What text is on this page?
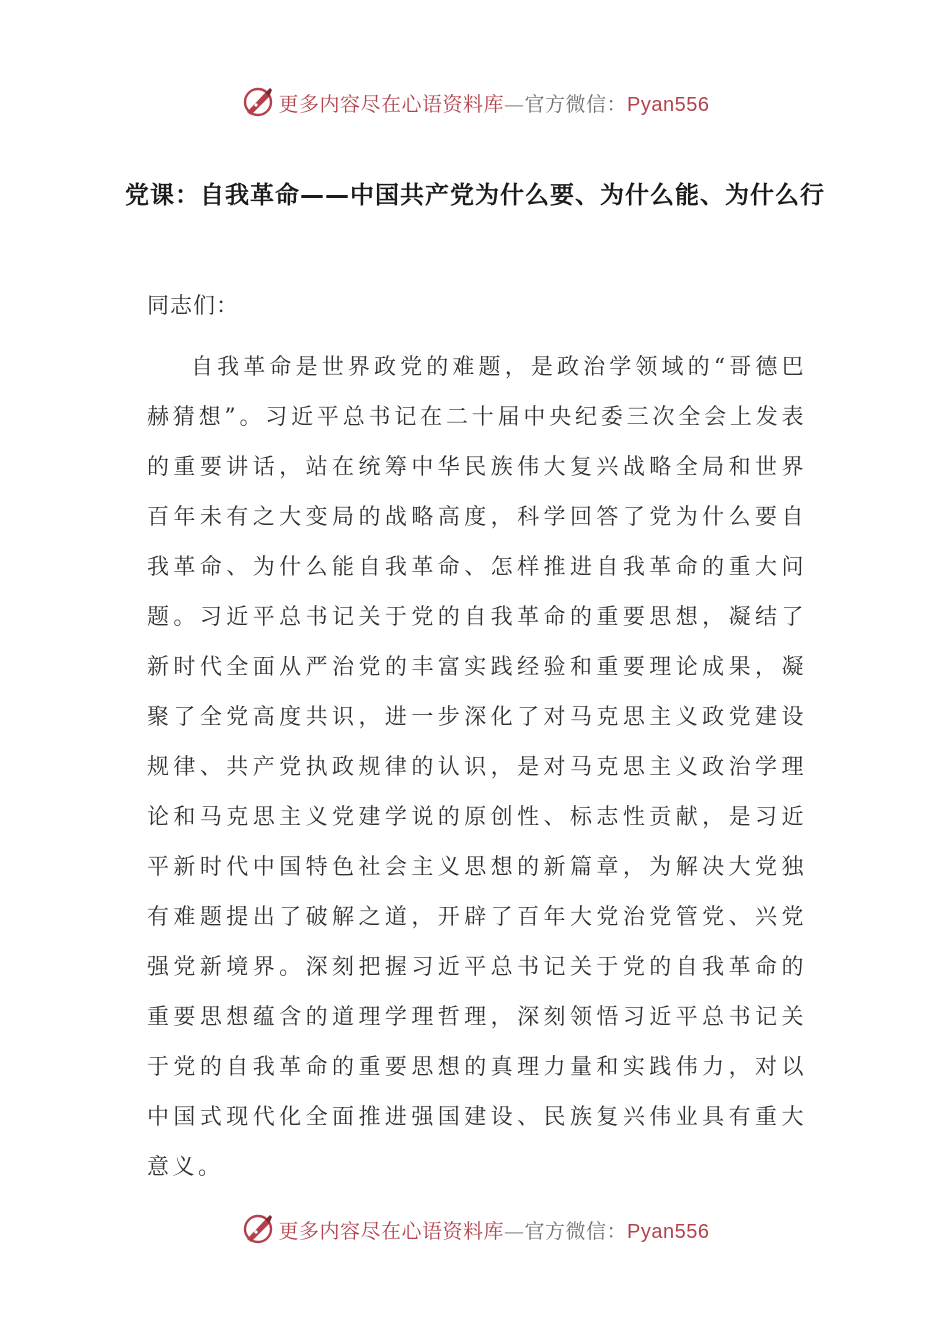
更多内容尽在心语资料库—官方微信：Pyan556
党课：自我革命——中国共产党为什么要、为什么能、为什么行
同志们：

自我革命是世界政党的难题，是政治学领域的“哥德巴赫猜想”。习近平总书记在二十届中央纪委三次全会上发表的重要讲话，站在统筹中华民族伟大复兴战略全局和世界百年未有之大变局的战略高度，科学回答了党为什么要自我革命、为什么能自我革命、怎样推进自我革命的重大问题。习近平总书记关于党的自我革命的重要思想，凝结了新时代全面从严治党的丰富实践经验和重要理论成果，凝聚了全党高度共识，进一步深化了对马克思主义政党建设规律、共产党执政规律的认识，是对马克思主义政治学理论和马克思主义党建学说的原创性、标志性贡献，是习近平新时代中国特色社会主义思想的新篇章，为解决大党独有难题提出了破解之道，开辟了百年大党治党管党、兴党强党新境界。深刻把握习近平总书记关于党的自我革命的重要思想蕴含的道理学理哲理，深刻领悟习近平总书记关于党的自我革命的重要思想的真理力量和实践伟力，对以中国式现代化全面推进强国建设、民族复兴伟业具有重大意义。

更多内容尽在心语资料库—官方微信：Pyan556
